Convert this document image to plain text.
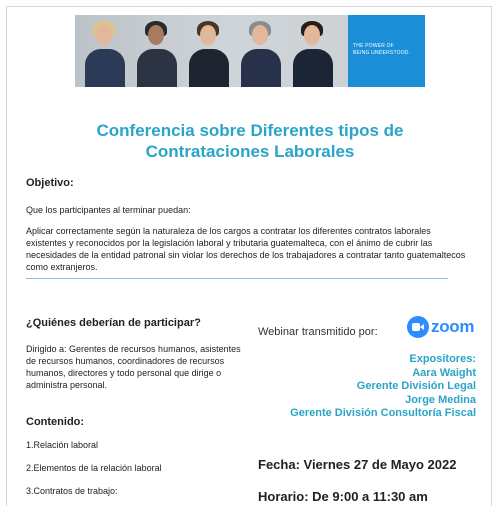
THE POWER OF
BEING UNDERSTOOD.
Conferencia sobre Diferentes tipos de Contrataciones Laborales
Objetivo:
Que los participantes al terminar puedan:
Aplicar correctamente según la naturaleza de los cargos a contratar los diferentes contratos laborales existentes y reconocidos por la legislación laboral y tributaria guatemalteca, con el ánimo de cubrir las necesidades de la entidad patronal sin violar los derechos de los trabajadores a contratar tanto guatemaltecos como extranjeros.
¿Quiénes deberían de participar?
Dirigido a: Gerentes de recursos humanos, asistentes de recursos humanos, coordinadores de recursos humanos, directores y todo personal que dirige o administra personal.
Contenido:
1.Relación laboral
2.Elementos de la relación laboral
3.Contratos de trabajo:
Webinar transmitido por:	zoom
Expositores:
Aara Waight
Gerente División Legal
Jorge Medina
Gerente División Consultoría Fiscal
Fecha: Viernes 27 de Mayo 2022
Horario: De 9:00 a 11:30 am
